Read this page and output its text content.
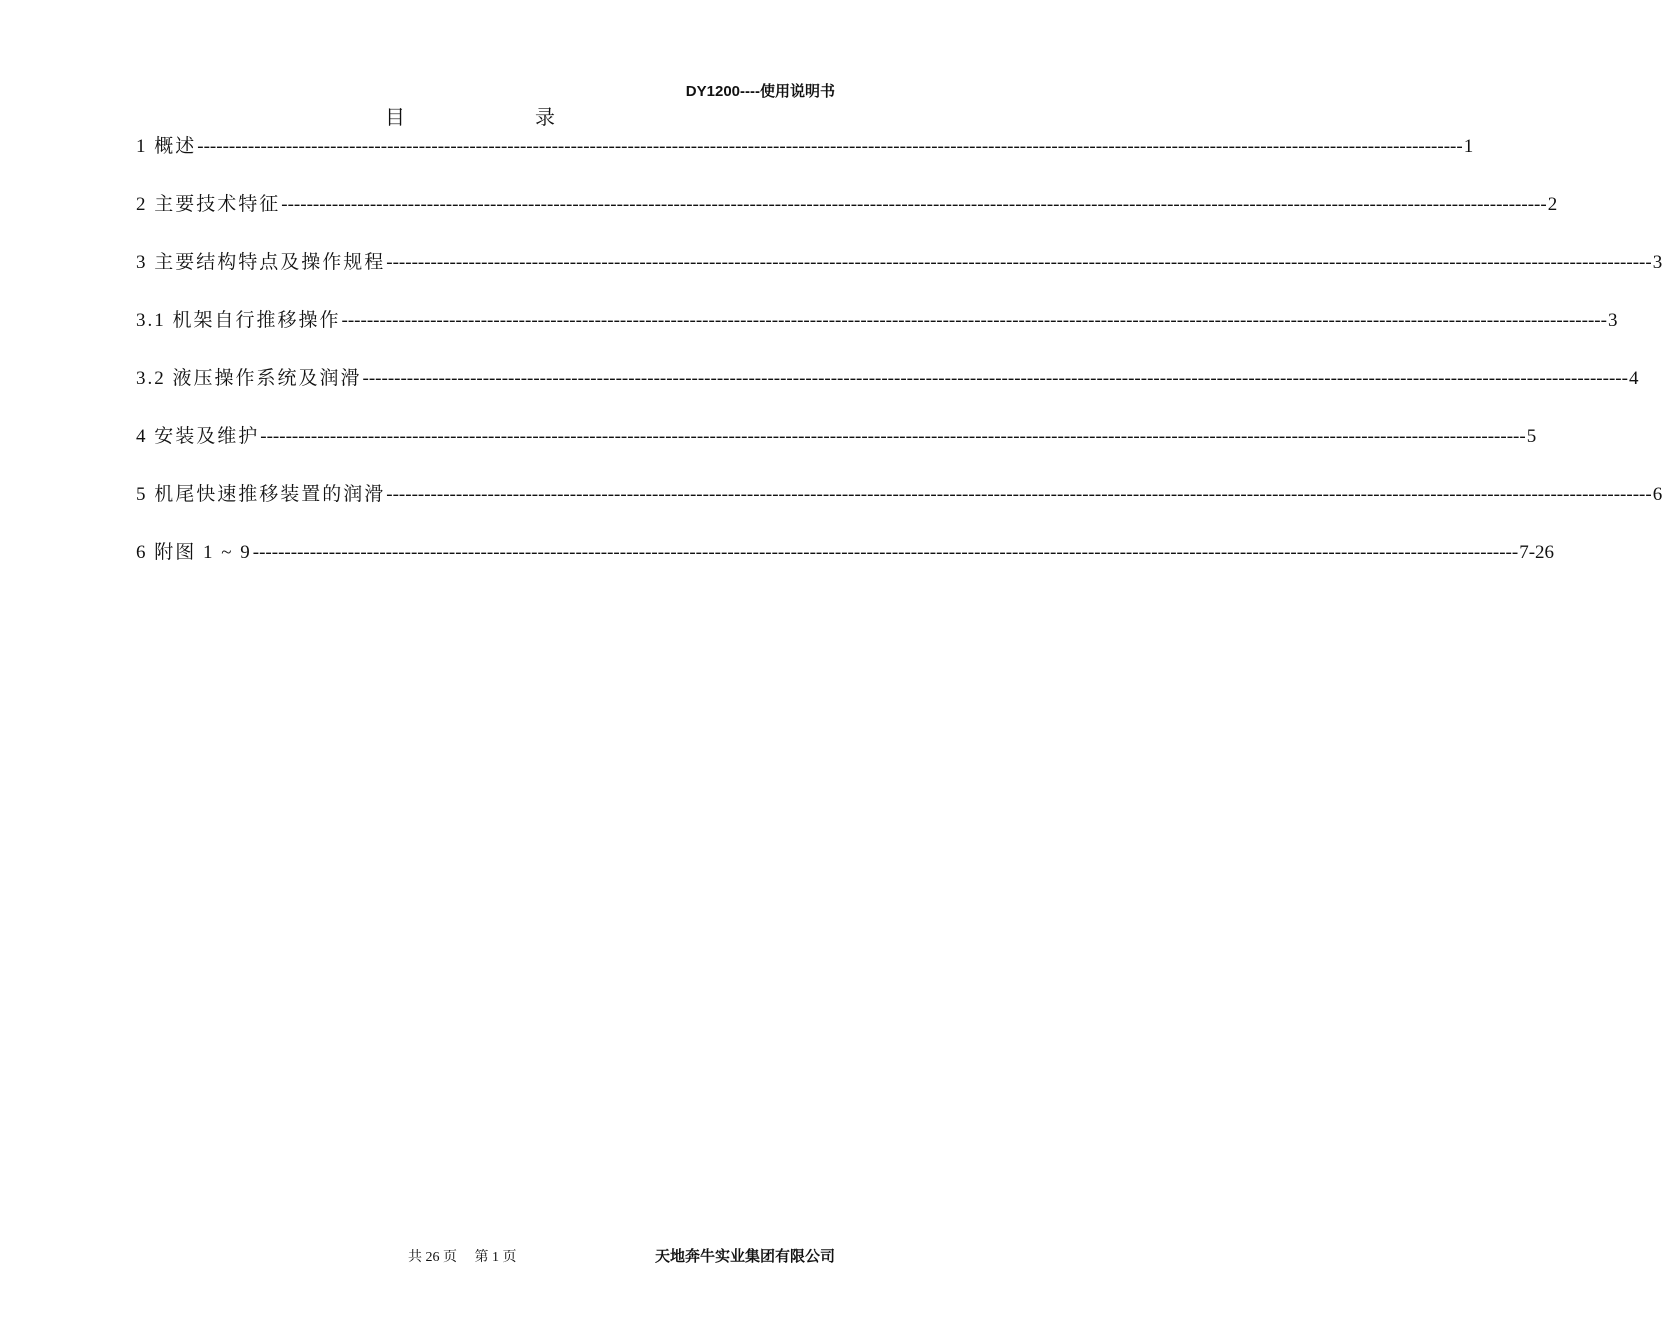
DY1200----使用说明书
目	录
1 概述 -------------------------------------------------------------------------------------------------------------------------------------------------------------------------------------------------------- 1
2 主要技术特征 -------------------------------------------------------------------------------------------------------------------------------------------------------------------------------------------------------- 2
3 主要结构特点及操作规程 -------------------------------------------------------------------------------------------------------------------------------------------------------------------------------------------------------- 3
3.1 机架自行推移操作 -------------------------------------------------------------------------------------------------------------------------------------------------------------------------------------------------------- 3
3.2 液压操作系统及润滑 -------------------------------------------------------------------------------------------------------------------------------------------------------------------------------------------------------- 4
4 安装及维护 -------------------------------------------------------------------------------------------------------------------------------------------------------------------------------------------------------- 5
5 机尾快速推移装置的润滑 -------------------------------------------------------------------------------------------------------------------------------------------------------------------------------------------------------- 6
6 附图 1 ~ 9 -------------------------------------------------------------------------------------------------------------------------------------------------------------------------------------------------------- 7-26
共 26 页 第 1 页	天地奔牛实业集团有限公司
